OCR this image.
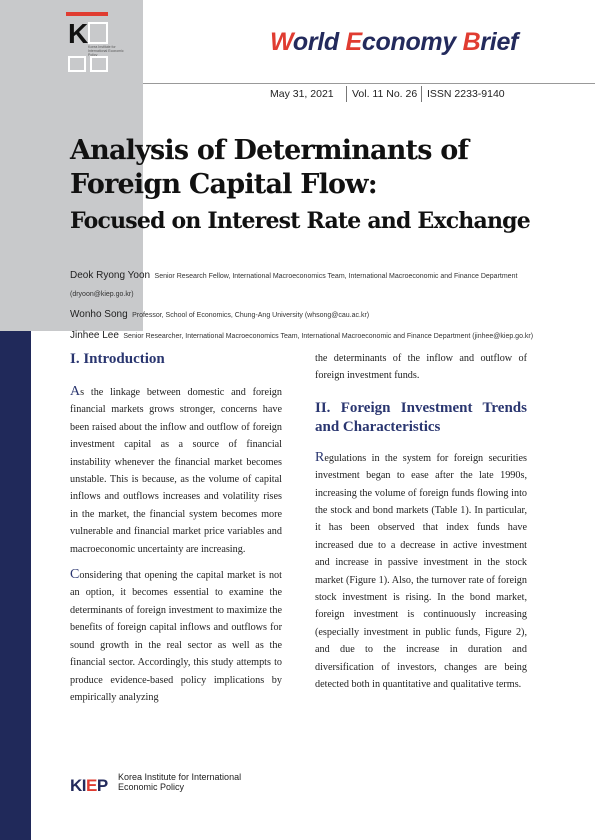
K Korea Institute for International Economic Policy	World Economy Brief
May 31, 2021 Vol. 11 No. 26 ISSN 2233-9140
Analysis of Determinants of
Foreign Capital Flow:
Focused on Interest Rate and Exchange
Deok Ryong Yoon Senior Research Fellow, International Macroeconomics Team, International Macroeconomic and Finance Department (dryoon@kiep.go.kr)
Wonho Song Professor, School of Economics, Chung-Ang University (whsong@cau.ac.kr)
Jinhee Lee Senior Researcher, International Macroeconomics Team, International Macroeconomic and Finance Department (jinhee@kiep.go.kr)
I. Introduction

As the linkage between domestic and foreign financial markets grows stronger, concerns have been raised about the inflow and outflow of foreign investment capital as a source of financial instability whenever the financial market becomes unstable. This is because, as the volume of capital inflows and outflows increases and volatility rises in the market, the financial system becomes more vulnerable and financial market price variables and macroeconomic uncertainty are increasing.

Considering that opening the capital market is not an option, it becomes essential to examine the determinants of foreign investment to maximize the benefits of foreign capital inflows and outflows for sound growth in the real sector as well as the financial sector. Accordingly, this study attempts to produce evidence-based policy implications by empirically analyzing

the determinants of the inflow and outflow of foreign investment funds.

II. Foreign Investment Trends and Characteristics

Regulations in the system for foreign securities investment began to ease after the late 1990s, increasing the volume of foreign funds flowing into the stock and bond markets (Table 1). In particular, it has been observed that index funds have increased due to a decrease in active investment and increase in passive investment in the stock market (Figure 1). Also, the turnover rate of foreign stock investment is rising. In the bond market, foreign investment is continuously increasing (especially investment in public funds, Figure 2), and due to the increase in duration and diversification of investors, changes are being detected both in quantitative and qualitative terms.

KIEP Korea Institute for International Economic Policy
